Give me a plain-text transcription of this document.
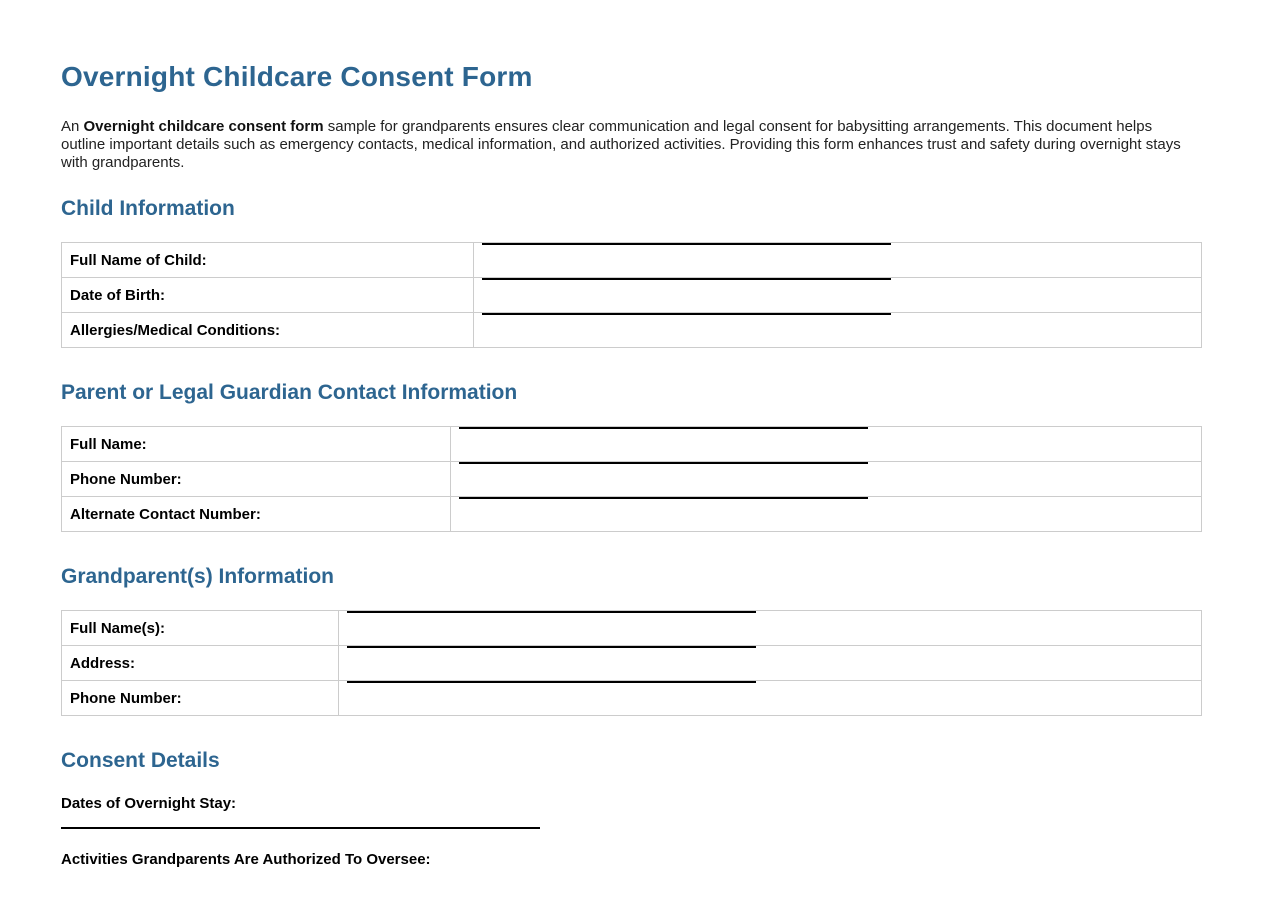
Overnight Childcare Consent Form

An Overnight childcare consent form sample for grandparents ensures clear communication and legal consent for babysitting arrangements. This document helps outline important details such as emergency contacts, medical information, and authorized activities. Providing this form enhances trust and safety during overnight stays with grandparents.

Child Information
Full Name of Child:	

Date of Birth:	

Allergies/Medical Conditions:	
Parent or Legal Guardian Contact Information
Full Name:	

Phone Number:	

Alternate Contact Number:	
Grandparent(s) Information
Full Name(s):	

Address:	

Phone Number:	
Consent Details
Dates of Overnight Stay:
Activities Grandparents Are Authorized To Oversee:
